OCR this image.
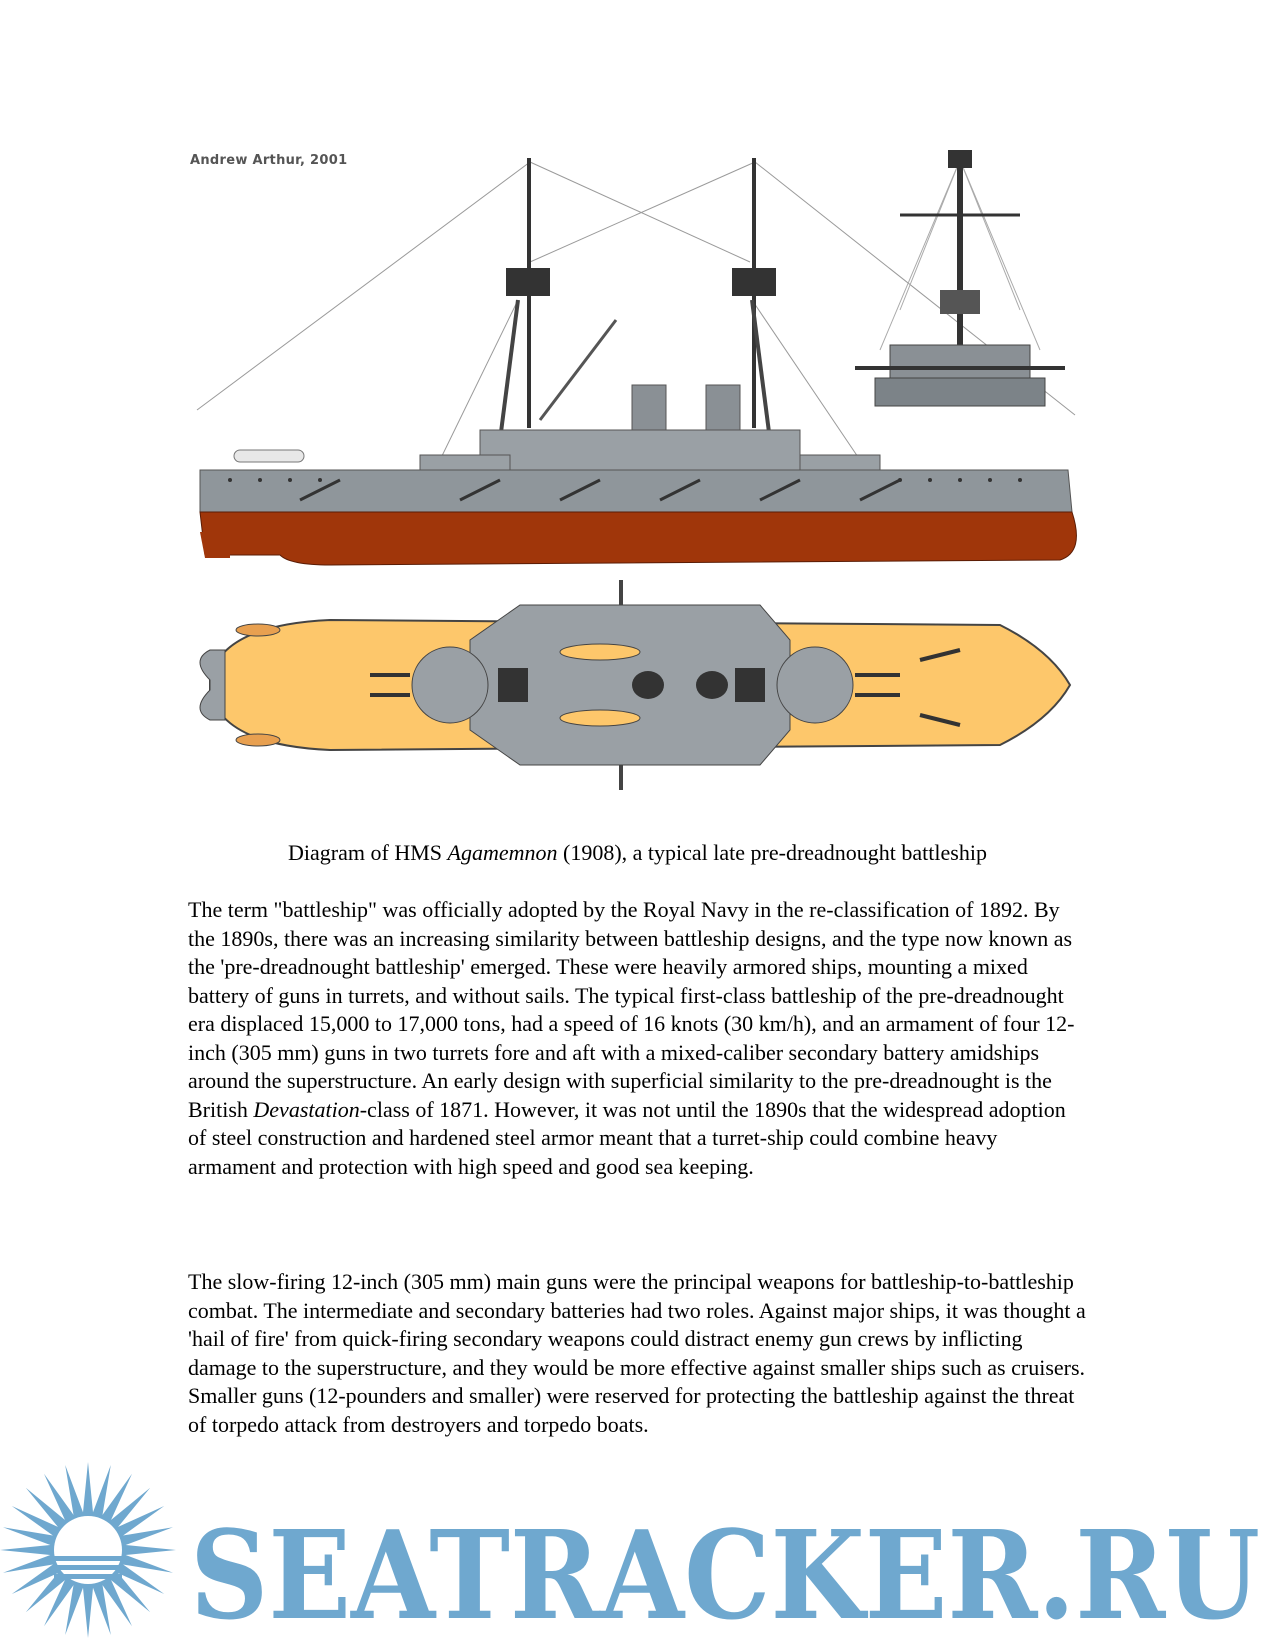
Andrew Arthur, 2001
Diagram of HMS Agamemnon (1908), a typical late pre-dreadnought battleship

The term "battleship" was officially adopted by the Royal Navy in the re-classification of 1892. By the 1890s, there was an increasing similarity between battleship designs, and the type now known as the 'pre-dreadnought battleship' emerged. These were heavily armored ships, mounting a mixed battery of guns in turrets, and without sails. The typical first-class battleship of the pre-dreadnought era displaced 15,000 to 17,000 tons, had a speed of 16 knots (30 km/h), and an armament of four 12-inch (305 mm) guns in two turrets fore and aft with a mixed-caliber secondary battery amidships around the superstructure. An early design with superficial similarity to the pre-dreadnought is the British Devastation-class of 1871. However, it was not until the 1890s that the widespread adoption of steel construction and hardened steel armor meant that a turret-ship could combine heavy armament and protection with high speed and good sea keeping.

The slow-firing 12-inch (305 mm) main guns were the principal weapons for battleship-to-battleship combat. The intermediate and secondary batteries had two roles. Against major ships, it was thought a 'hail of fire' from quick-firing secondary weapons could distract enemy gun crews by inflicting damage to the superstructure, and they would be more effective against smaller ships such as cruisers. Smaller guns (12-pounders and smaller) were reserved for protecting the battleship against the threat of torpedo attack from destroyers and torpedo boats.

SEATRACKER.RU
